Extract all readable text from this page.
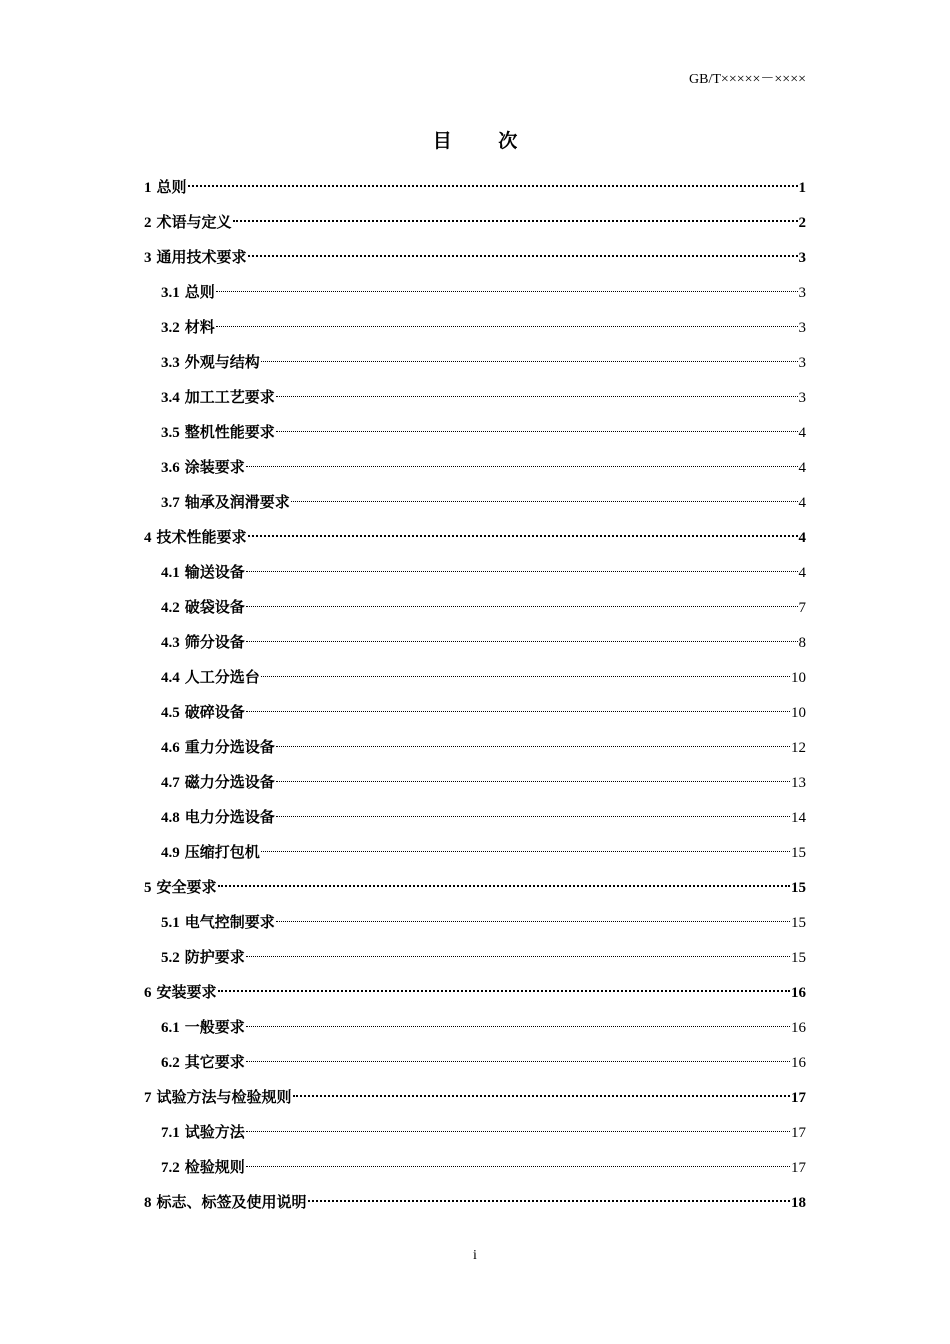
GB/T×××××－××××
目 次
1 总则	1
2 术语与定义	2
3 通用技术要求	3
3.1 总则	3
3.2 材料	3
3.3 外观与结构	3
3.4 加工工艺要求	3
3.5 整机性能要求	4
3.6 涂装要求	4
3.7 轴承及润滑要求	4
4 技术性能要求	4
4.1 输送设备	4
4.2 破袋设备	7
4.3 筛分设备	8
4.4 人工分选台	10
4.5 破碎设备	10
4.6 重力分选设备	12
4.7 磁力分选设备	13
4.8 电力分选设备	14
4.9 压缩打包机	15
5 安全要求	15
5.1 电气控制要求	15
5.2 防护要求	15
6 安装要求	16
6.1 一般要求	16
6.2 其它要求	16
7 试验方法与检验规则	17
7.1 试验方法	17
7.2 检验规则	17
8 标志、标签及使用说明	18
i
